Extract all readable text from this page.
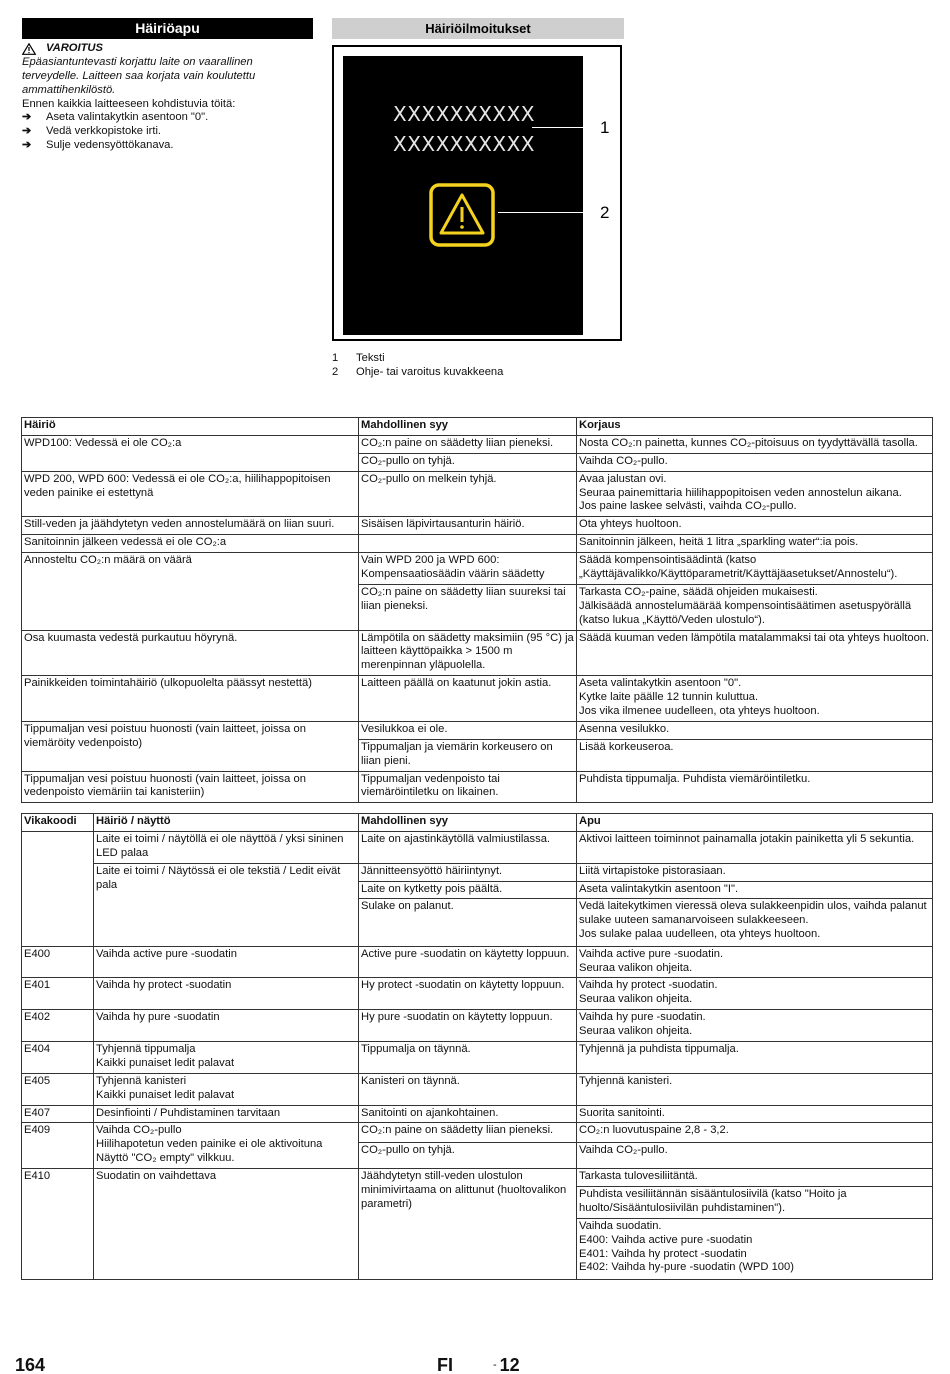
Häiriöapu
VAROITUS
Epäasiantuntevasti korjattu laite on vaarallinen terveydelle. Laitteen saa korjata vain koulutettu ammattihenkilöstö.
Ennen kaikkia laitteeseen kohdistuvia töitä:
➔	Aseta valintakytkin asentoon "0".
➔	Vedä verkkopistoke irti.
➔	Sulje vedensyöttökanava.
Häiriöilmoitukset
XXXXXXXXXX
XXXXXXXXXX
1
2
1	Teksti
2	Ohje- tai varoitus kuvakkeena
Häiriö	Mahdollinen syy	Korjaus
WPD100: Vedessä ei ole CO₂:a	CO₂:n paine on säädetty liian pieneksi.	Nosta CO₂:n painetta, kunnes CO₂-pitoisuus on tyydyttävällä tasolla.
	CO₂-pullo on tyhjä.	Vaihda CO₂-pullo.
WPD 200, WPD 600: Vedessä ei ole CO₂:a, hiilihappopitoisen veden painike ei estettynä	CO₂-pullo on melkein tyhjä.	Avaa jalustan ovi.
Seuraa painemittaria hiilihappopitoisen veden annostelun aikana.
Jos paine laskee selvästi, vaihda CO₂-pullo.

Still-veden ja jäähdytetyn veden annostelumäärä on liian suuri.	Sisäisen läpivirtausanturin häiriö.	Ota yhteys huoltoon.
Sanitoinnin jälkeen vedessä ei ole CO₂:a		Sanitoinnin jälkeen, heitä 1 litra „sparkling water“:ia pois.
Annosteltu CO₂:n määrä on väärä	Vain WPD 200 ja WPD 600: Kompensaatiosäädin väärin säädetty	Säädä kompensointisäädintä (katso „Käyttäjävalikko/Käyttöparametrit/Käyttäjäasetukset/Annostelu“).
	CO₂:n paine on säädetty liian suureksi tai liian pieneksi.	Tarkasta CO₂-paine, säädä ohjeiden mukaisesti.
Jälkisäädä annostelumäärää kompensointisäätimen asetuspyörällä (katso lukua „Käyttö/Veden ulostulo“).

Osa kuumasta vedestä purkautuu höyrynä.	Lämpötila on säädetty maksimiin (95 °C) ja laitteen käyttöpaikka > 1500 m merenpinnan yläpuolella.	Säädä kuuman veden lämpötila matalammaksi tai ota yhteys huoltoon.
Painikkeiden toimintahäiriö (ulkopuolelta päässyt nestettä)	Laitteen päällä on kaatunut jokin astia.	Aseta valintakytkin asentoon "0".
Kytke laite päälle 12 tunnin kuluttua.
Jos vika ilmenee uudelleen, ota yhteys huoltoon.

Tippumaljan vesi poistuu huonosti (vain laitteet, joissa on viemäröity vedenpoisto)	Vesilukkoa ei ole.	Asenna vesilukko.
	Tippumaljan ja viemärin korkeusero on liian pieni.	Lisää korkeuseroa.
Tippumaljan vesi poistuu huonosti (vain laitteet, joissa on vedenpoisto viemäriin tai kanisteriin)	Tippumaljan vedenpoisto tai viemäröintiletku on likainen.	Puhdista tippumalja. Puhdista viemäröintiletku.
Vikakoodi	Häiriö / näyttö	Mahdollinen syy	Apu
	Laite ei toimi / näytöllä ei ole näyttöä / yksi sininen LED palaa	Laite on ajastinkäytöllä valmiustilassa.	Aktivoi laitteen toiminnot painamalla jotakin painiketta yli 5 sekuntia.
	Laite ei toimi / Näytössä ei ole tekstiä / Ledit eivät pala	Jännitteensyöttö häiriintynyt.	Liitä virtapistoke pistorasiaan.
		Laite on kytketty pois päältä.	Aseta valintakytkin asentoon "I".
		Sulake on palanut.	Vedä laitekytkimen vieressä oleva sulakkeenpidin ulos, vaihda palanut sulake uuteen samanarvoiseen sulakkeeseen.
Jos sulake palaa uudelleen, ota yhteys huoltoon.

E400	Vaihda active pure -suodatin	Active pure -suodatin on käytetty loppuun.	Vaihda active pure -suodatin.
Seuraa valikon ohjeita.

E401	Vaihda hy protect -suodatin	Hy protect -suodatin on käytetty loppuun.	Vaihda hy protect -suodatin.
Seuraa valikon ohjeita.

E402	Vaihda hy pure -suodatin	Hy pure -suodatin on käytetty loppuun.	Vaihda hy pure -suodatin.
Seuraa valikon ohjeita.

E404	Tyhjennä tippumalja
Kaikki punaiset ledit palavat	Tippumalja on täynnä.	Tyhjennä ja puhdista tippumalja.
E405	Tyhjennä kanisteri
Kaikki punaiset ledit palavat	Kanisteri on täynnä.	Tyhjennä kanisteri.
E407	Desinfiointi / Puhdistaminen tarvitaan	Sanitointi on ajankohtainen.	Suorita sanitointi.
E409	Vaihda CO₂-pullo
Hiilihapotetun veden painike ei ole aktivoituna
Näyttö "CO₂ empty" vilkkuu.	CO₂:n paine on säädetty liian pieneksi.	CO₂:n luovutuspaine 2,8 - 3,2.
		CO₂-pullo on tyhjä.	Vaihda CO₂-pullo.
E410	Suodatin on vaihdettava	Jäähdytetyn still-veden ulostulon minimivirtaama on alittunut (huoltovalikon parametri)	Tarkasta tulovesiliitäntä.
			Puhdista vesiliitännän sisääntulosiivilä (katso "Hoito ja huolto/Sisääntulosiivilän puhdistaminen").

			Vaihda suodatin.
E400: Vaihda active pure -suodatin
E401: Vaihda hy protect -suodatin
E402: Vaihda hy-pure -suodatin (WPD 100)
164	FI	- 12
